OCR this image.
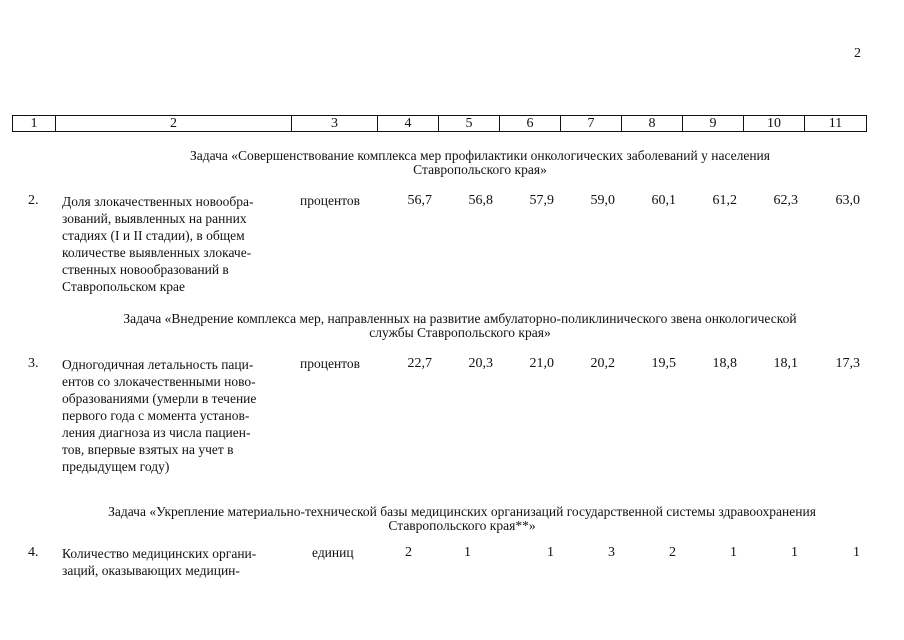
2
1	2	3	4	5	6	7	8	9	10	11
Задача «Совершенствование комплекса мер профилактики онкологических заболеваний у населения
Ставропольского края»
2. Доля злокачественных новообра-
зований, выявленных на ранних
стадиях (I и II стадии), в общем
количестве выявленных злокаче-
ственных новообразований в
Ставропольском крае
процентов	56,7	56,8	57,9	59,0	60,1	61,2	62,3	63,0
Задача «Внедрение комплекса мер, направленных на развитие амбулаторно-поликлинического звена онкологической
службы Ставропольского края»
3. Одногодичная летальность паци-
ентов со злокачественными ново-
образованиями (умерли в течение
первого года с момента установ-
ления диагноза из числа пациен-
тов, впервые взятых на учет в
предыдущем году)
процентов	22,7	20,3	21,0	20,2	19,5	18,8	18,1	17,3
Задача «Укрепление материально-технической базы медицинских организаций государственной системы здравоохранения
Ставропольского края**»
4. Количество медицинских органи-
заций, оказывающих медицин-
единиц	2	1	1	3	2	1	1	1
